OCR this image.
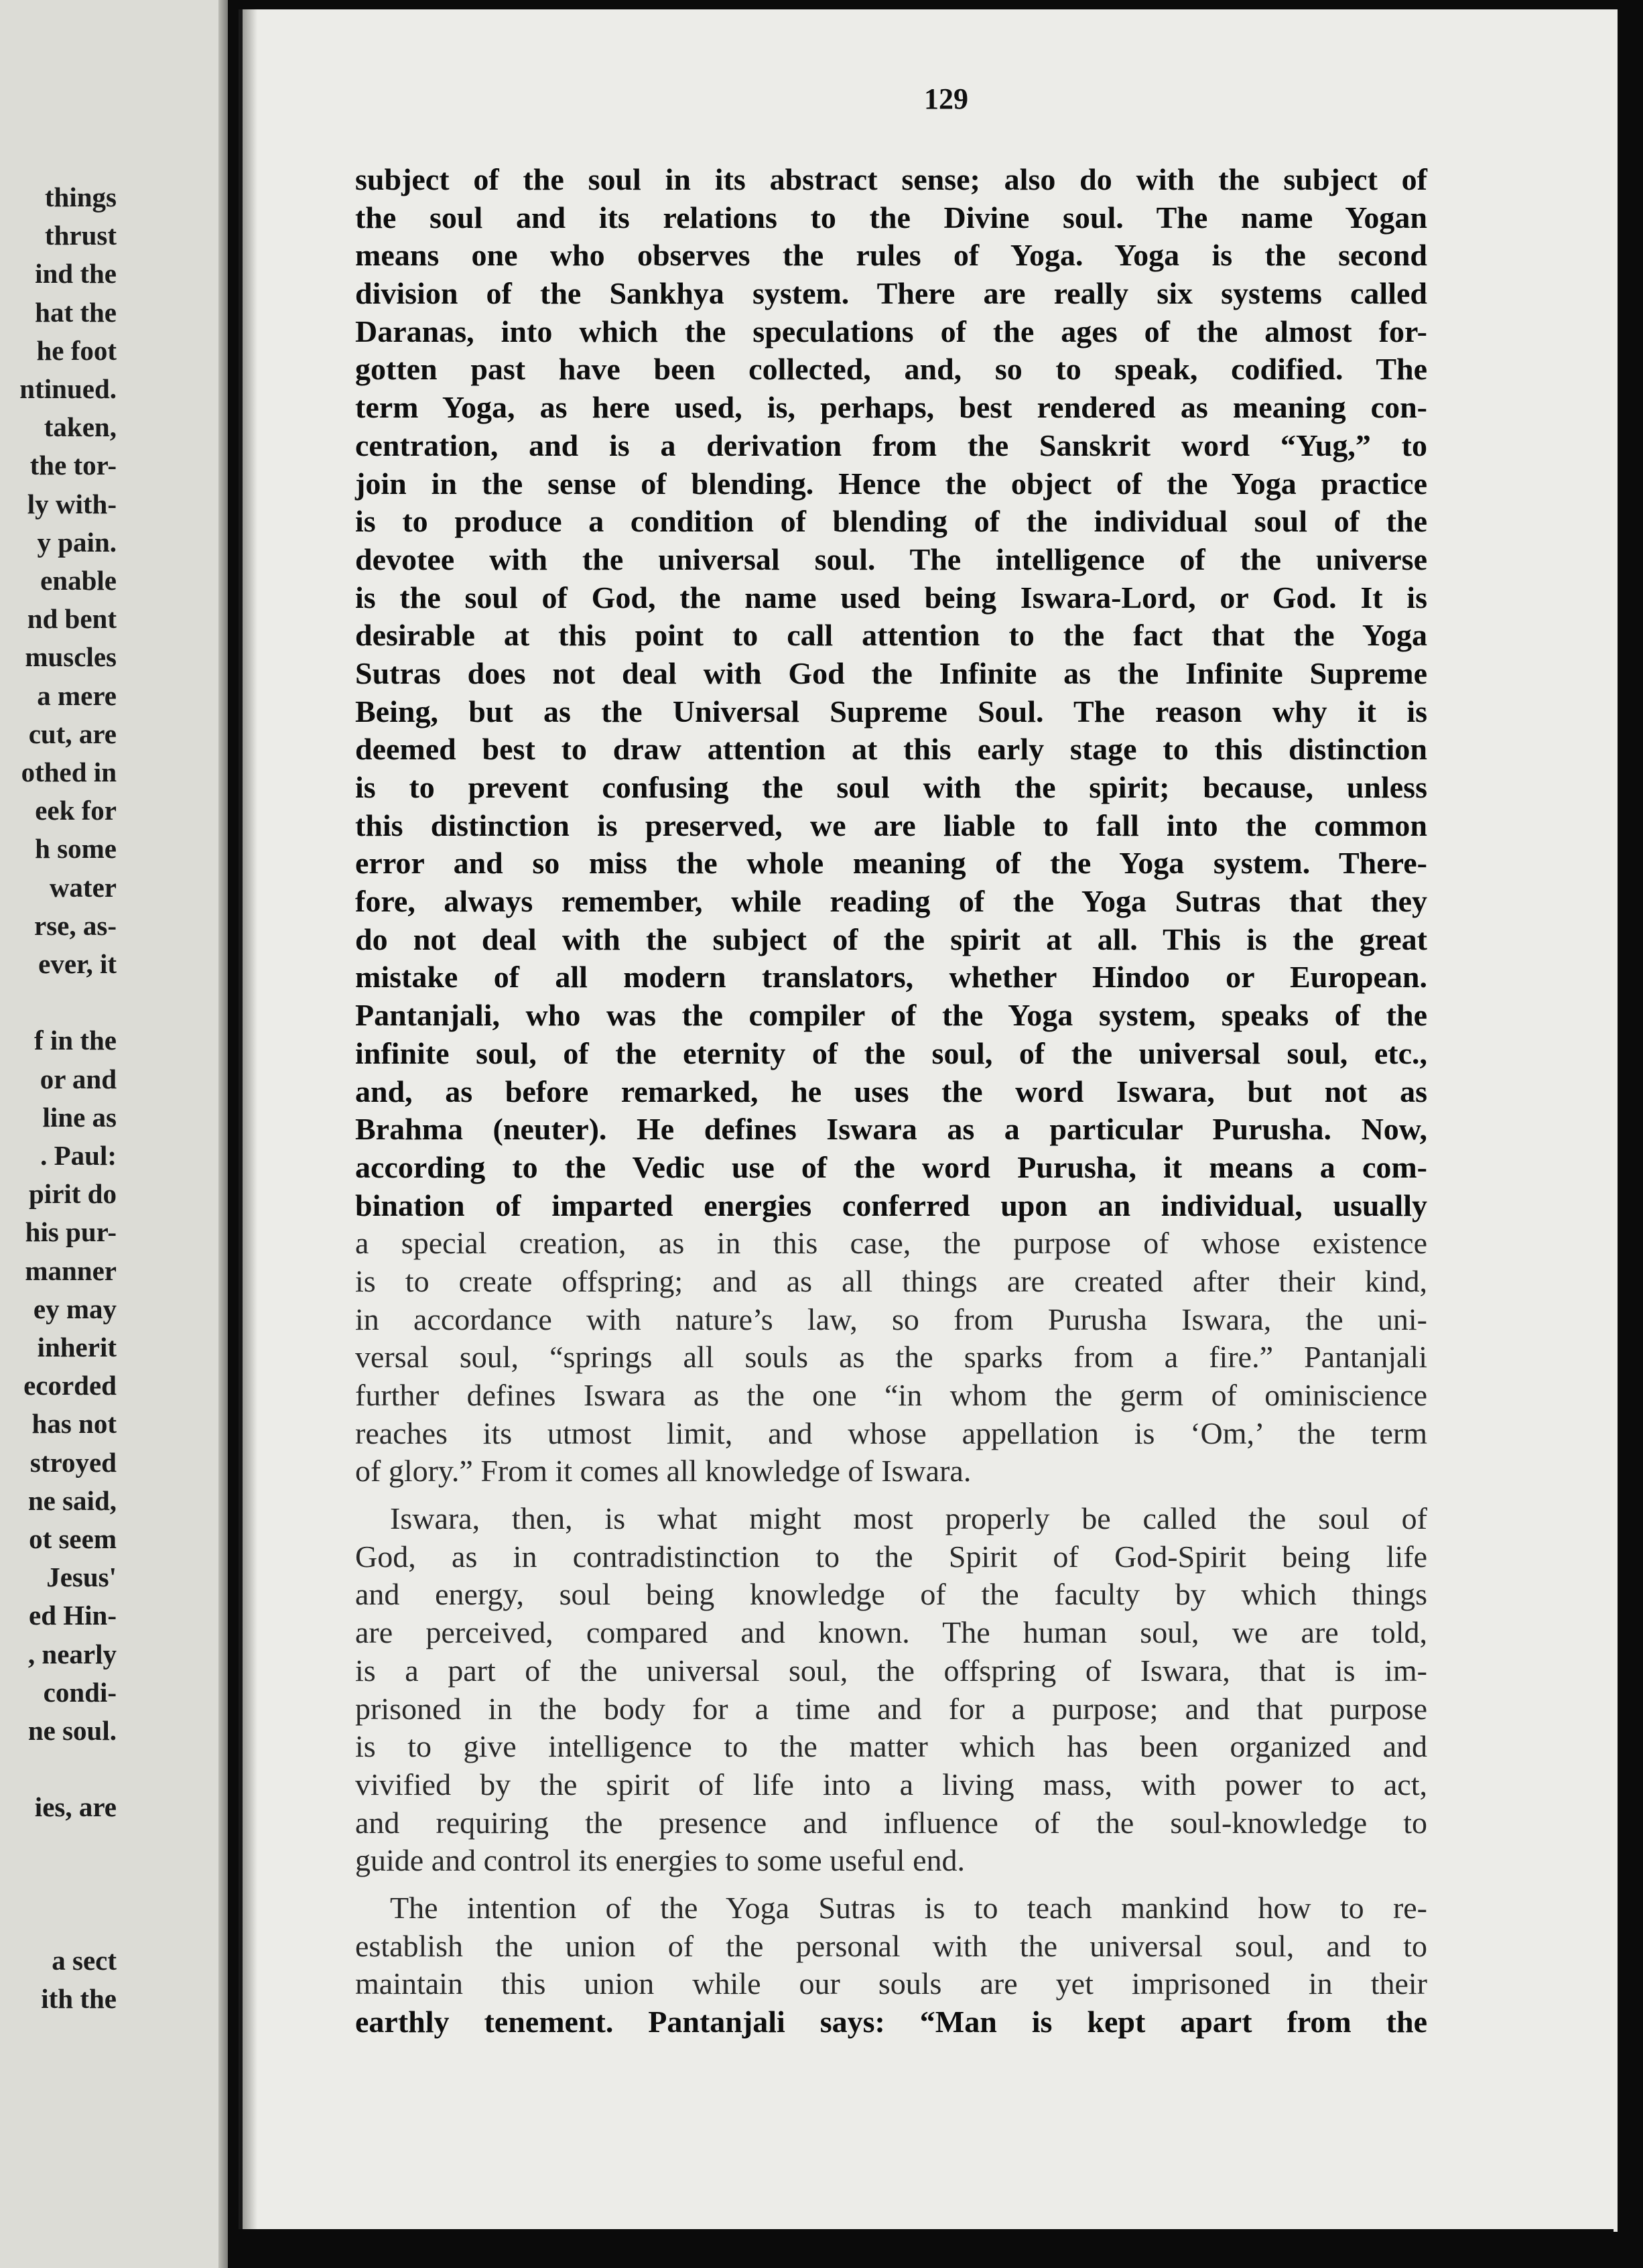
things
thrust
ind the
hat the
he foot
ntinued.
taken,
the tor-
ly with-
y pain.
enable
nd bent
muscles
a mere
cut, are
othed in
eek for
h some
water
rse, as-
ever, it
f in the
or and
line as
. Paul:
pirit do
his pur-
manner
ey may
inherit
ecorded
has not
stroyed
ne said,
ot seem
Jesus'
ed Hin-
, nearly
condi-
ne soul.
ies, are
a sect
ith the
129
subject of the soul in its abstract sense; also do with the subject of
the soul and its relations to the Divine soul. The name Yogan
means one who observes the rules of Yoga. Yoga is the second
division of the Sankhya system. There are really six systems called
Daranas, into which the speculations of the ages of the almost for-
gotten past have been collected, and, so to speak, codified. The
term Yoga, as here used, is, perhaps, best rendered as meaning con-
centration, and is a derivation from the Sanskrit word “Yug,” to
join in the sense of blending. Hence the object of the Yoga practice
is to produce a condition of blending of the individual soul of the
devotee with the universal soul. The intelligence of the universe
is the soul of God, the name used being Iswara-Lord, or God. It is
desirable at this point to call attention to the fact that the Yoga
Sutras does not deal with God the Infinite as the Infinite Supreme
Being, but as the Universal Supreme Soul. The reason why it is
deemed best to draw attention at this early stage to this distinction
is to prevent confusing the soul with the spirit; because, unless
this distinction is preserved, we are liable to fall into the common
error and so miss the whole meaning of the Yoga system. There-
fore, always remember, while reading of the Yoga Sutras that they
do not deal with the subject of the spirit at all. This is the great
mistake of all modern translators, whether Hindoo or European.
Pantanjali, who was the compiler of the Yoga system, speaks of the
infinite soul, of the eternity of the soul, of the universal soul, etc.,
and, as before remarked, he uses the word Iswara, but not as
Brahma (neuter). He defines Iswara as a particular Purusha. Now,
according to the Vedic use of the word Purusha, it means a com-
bination of imparted energies conferred upon an individual, usually
a special creation, as in this case, the purpose of whose existence
is to create offspring; and as all things are created after their kind,
in accordance with nature’s law, so from Purusha Iswara, the uni-
versal soul, “springs all souls as the sparks from a fire.” Pantanjali
further defines Iswara as the one “in whom the germ of ominiscience
reaches its utmost limit, and whose appellation is ‘Om,’ the term
of glory.” From it comes all knowledge of Iswara.
Iswara, then, is what might most properly be called the soul of
God, as in contradistinction to the Spirit of God-Spirit being life
and energy, soul being knowledge of the faculty by which things
are perceived, compared and known. The human soul, we are told,
is a part of the universal soul, the offspring of Iswara, that is im-
prisoned in the body for a time and for a purpose; and that purpose
is to give intelligence to the matter which has been organized and
vivified by the spirit of life into a living mass, with power to act,
and requiring the presence and influence of the soul-knowledge to
guide and control its energies to some useful end.
The intention of the Yoga Sutras is to teach mankind how to re-
establish the union of the personal with the universal soul, and to
maintain this union while our souls are yet imprisoned in their
earthly tenement. Pantanjali says: “Man is kept apart from the
